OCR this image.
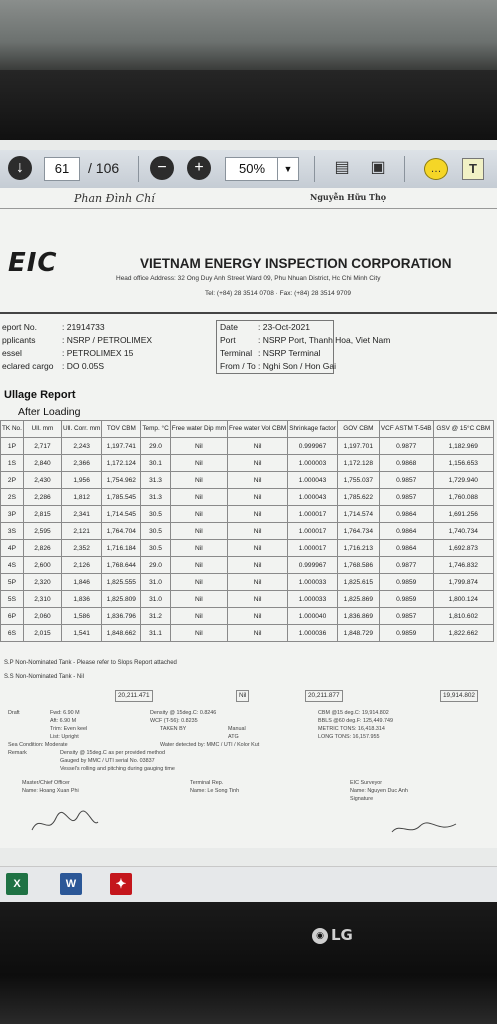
↓	61	/ 106	−	+	50%	▼	▤ ▣	…	T
Phan Đình Chí	Nguyễn Hữu Thọ
EIC	VIETNAM ENERGY INSPECTION CORPORATION
Head office Address: 32 Ong Duy Anh Street Ward 09, Phu Nhuan District, Hc Chi Minh City
Tel: (+84) 28 3514 0708 · Fax: (+84) 28 3514 9709
eport No.	: 21914733
pplicants	: NSRP / PETROLIMEX
essel	: PETROLIMEX 15
eclared cargo : DO 0.05S
Date : 23-Oct-2021
Port	: NSRP Port, Thanh Hoa, Viet Nam
Terminal : NSRP Terminal
From / To : Nghi Son / Hon Gai
Ullage Report
After Loading
TK No.	Ull. mm	Ull. Corr. mm	TOV CBM	Temp. °C	Free water Dip mm	Free water Vol CBM	Shrinkage factor	GOV CBM	VCF ASTM T-54B	GSV @ 15°C CBM
1P	2,717	2,243	1,197.741	29.0	Nil	Nil	0.999967	1,197.701	0.9877	1,182.969
1S	2,840	2,366	1,172.124	30.1	Nil	Nil	1.000003	1,172.128	0.9868	1,156.653
2P	2,430	1,956	1,754.962	31.3	Nil	Nil	1.000043	1,755.037	0.9857	1,729.940
2S	2,286	1,812	1,785.545	31.3	Nil	Nil	1.000043	1,785.622	0.9857	1,760.088
3P	2,815	2,341	1,714.545	30.5	Nil	Nil	1.000017	1,714.574	0.9864	1,691.256
3S	2,595	2,121	1,764.704	30.5	Nil	Nil	1.000017	1,764.734	0.9864	1,740.734
4P	2,826	2,352	1,716.184	30.5	Nil	Nil	1.000017	1,716.213	0.9864	1,692.873
4S	2,600	2,126	1,768.644	29.0	Nil	Nil	0.999967	1,768.586	0.9877	1,746.832
5P	2,320	1,846	1,825.555	31.0	Nil	Nil	1.000033	1,825.615	0.9859	1,799.874
5S	2,310	1,836	1,825.809	31.0	Nil	Nil	1.000033	1,825.869	0.9859	1,800.124
6P	2,060	1,586	1,836.796	31.2	Nil	Nil	1.000040	1,836.869	0.9857	1,810.602
6S	2,015	1,541	1,848.662	31.1	Nil	Nil	1.000036	1,848.729	0.9859	1,822.662
S.P Non-Nominated Tank - Please refer to Slops Report attached
S.S Non-Nominated Tank - Nil
20,211.471	Nil	20,211.877	19,914.802
Draft	Fwd: 6.90 M
Aft: 6.90 M
Trim: Even keel
List: Upright
Sea Condition: Moderate
Remark
Density @ 15deg.C: 0.8246
WCF (T-56): 0.8235
TAKEN BY	Manual
ATG
Water detected by: MMC / UTI / Kolor Kut
Density @ 15deg.C as per provided method
Gauged by MMC / UTI serial No. 03837
Vessel's rolling and pitching during gauging time
CBM @15 deg.C: 19,914.802
BBLS @60 deg.F: 125,449.749
METRIC TONS: 16,418.314
LONG TONS: 16,157.955
Master/Chief Officer
Name: Hoang Xuan Phi
Terminal Rep.
Name: Le Song Tinh
EIC Surveyor
Name: Nguyen Duc Anh
Signature
X	W	✦
◉ LG
